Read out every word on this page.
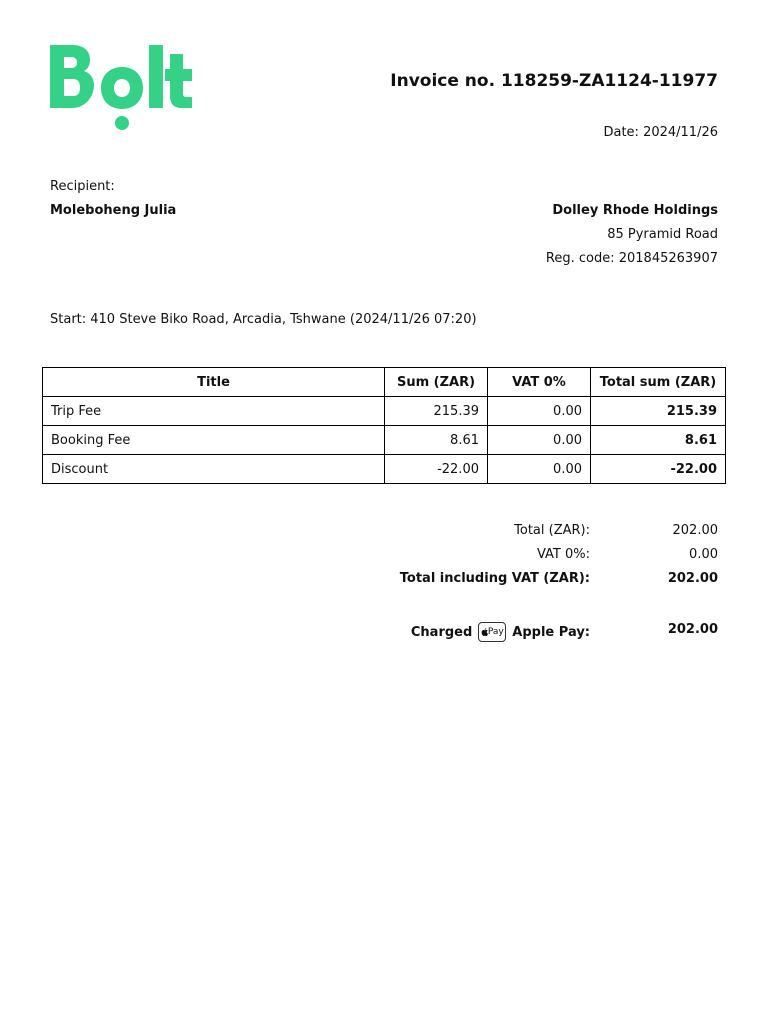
Invoice no. 118259-ZA1124-11977
Date: 2024/11/26
Recipient:
Moleboheng Julia	Dolley Rhode Holdings
85 Pyramid Road
Reg. code: 201845263907
Start: 410 Steve Biko Road, Arcadia, Tshwane (2024/11/26 07:20)
Title	Sum (ZAR)	VAT 0%	Total sum (ZAR)
Trip Fee	215.39	0.00	215.39
Booking Fee	8.61	0.00	8.61
Discount	-22.00	0.00	-22.00
Total (ZAR):	202.00
VAT 0%:	0.00
Total including VAT (ZAR):	202.00
Charged Pay Apple Pay:	202.00
